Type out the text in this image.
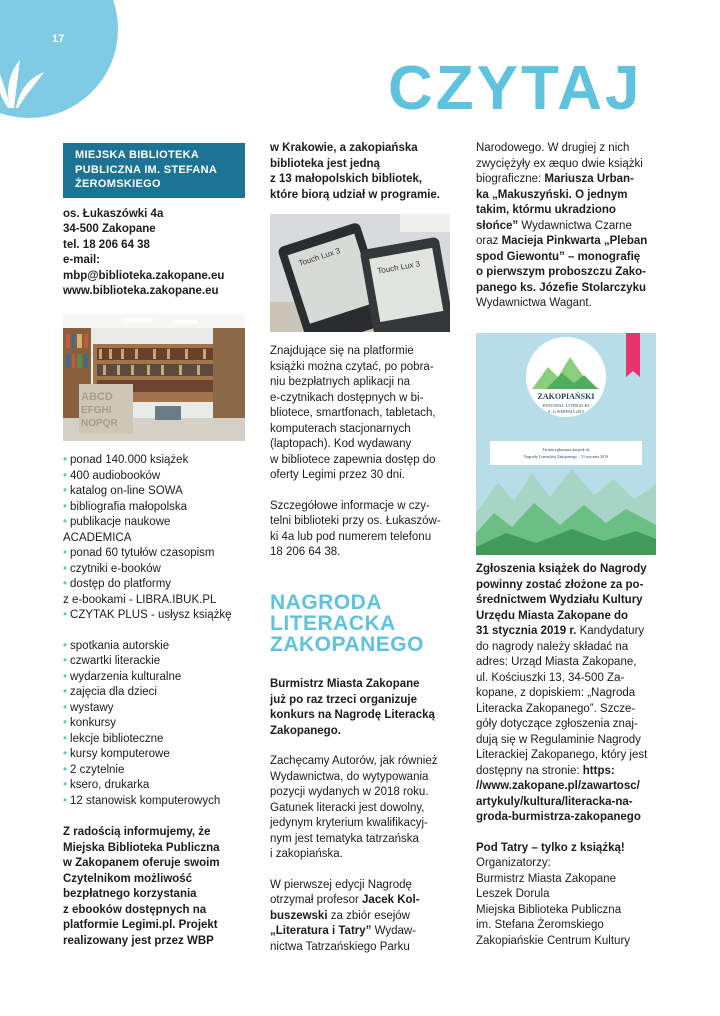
17
CZYTAJ
MIEJSKA BIBLIOTEKA
PUBLICZNA IM. STEFANA
ŻEROMSKIEGO
os. Łukaszówki 4a
34-500 Zakopane
tel. 18 206 64 38
e-mail:
mbp@biblioteka.zakopane.eu
www.biblioteka.zakopane.eu
ABCD
EFGHI
NOPQR
• ponad 140.000 książek
• 400 audiobooków
• katalog on-line SOWA
• bibliografia małopolska
• publikacje naukowe
ACADEMICA
• ponad 60 tytułów czasopism
• czytniki e-booków
• dostęp do platformy
z e-bookami - LIBRA.IBUK.PL
• CZYTAK PLUS - usłysz książkę
• spotkania autorskie
• czwartki literackie
• wydarzenia kulturalne
• zajęcia dla dzieci
• wystawy
• konkursy
• lekcje biblioteczne
• kursy komputerowe
• 2 czytelnie
• ksero, drukarka
• 12 stanowisk komputerowych
Z radością informujemy, że
Miejska Biblioteka Publiczna
w Zakopanem oferuje swoim
Czytelnikom możliwość
bezpłatnego korzystania
z ebooków dostępnych na
platformie Legimi.pl. Projekt
realizowany jest przez WBP
w Krakowie, a zakopiańska
biblioteka jest jedną
z 13 małopolskich bibliotek,
które biorą udział w programie.
Touch Lux 3	Touch Lux 3
Znajdujące się na platformie
książki można czytać, po pobra-
niu bezpłatnych aplikacji na
e-czytnikach dostępnych w bi-
bliotece, smartfonach, tabletach,
komputerach stacjonarnych
(laptopach). Kod wydawany
w bibliotece zapewnia dostęp do
oferty Legimi przez 30 dni.
Szczegółowe informacje w czy-
telni biblioteki przy os. Łukaszów-
ki 4a lub pod numerem telefonu
18 206 64 38.
NAGRODA
LITERACKA
ZAKOPANEGO
Burmistrz Miasta Zakopane
już po raz trzeci organizuje
konkurs na Nagrodę Literacką
Zakopanego.
Zachęcamy Autorów, jak również
Wydawnictwa, do wytypowania
pozycji wydanych w 2018 roku.
Gatunek literacki jest dowolny,
jedynym kryterium kwalifikacyj-
nym jest tematyka tatrzańska
i zakopiańska.
W pierwszej edycji Nagrodę
otrzymał profesor Jacek Kol-
buszewski za zbiór esejów
„Literatura i Tatry” Wydaw-
nictwa Tatrzańskiego Parku
Narodowego. W drugiej z nich
zwyciężyły ex æquo dwie książki
biograficzne: Mariusza Urban-
ka „Makuszyński. O jednym
takim, którmu ukradziono
słońce” Wydawnictwa Czarne
oraz Macieja Pinkwarta „Pleban
spod Giewontu” – monografię
o pierwszym proboszczu Zako-
panego ks. Józefie Stolarczyku
Wydawnictwa Wagant.
ZAKOPIAŃSKI
FESTIWAL LITERACKI
9–11 SIERPNIA 2019
Termin zgłaszania książek do
Nagrody Literackiej Zakopanego – 31 stycznia 2019
Zgłoszenia książek do Nagrody
powinny zostać złożone za po-
średnictwem Wydziału Kultury
Urzędu Miasta Zakopane do
31 stycznia 2019 r. Kandydatury
do nagrody należy składać na
adres: Urząd Miasta Zakopane,
ul. Kościuszki 13, 34-500 Za-
kopane, z dopiskiem: „Nagroda
Literacka Zakopanego”. Szcze-
góły dotyczące zgłoszenia znaj-
dują się w Regulaminie Nagrody
Literackiej Zakopanego, który jest
dostępny na stronie: https:
//www.zakopane.pl/zawartosc/
artykuly/kultura/literacka-na-
groda-burmistrza-zakopanego
Pod Tatry – tylko z książką!
Organizatorzy:
Burmistrz Miasta Zakopane
Leszek Dorula
Miejska Biblioteka Publiczna
im. Stefana Żeromskiego
Zakopiańskie Centrum Kultury
